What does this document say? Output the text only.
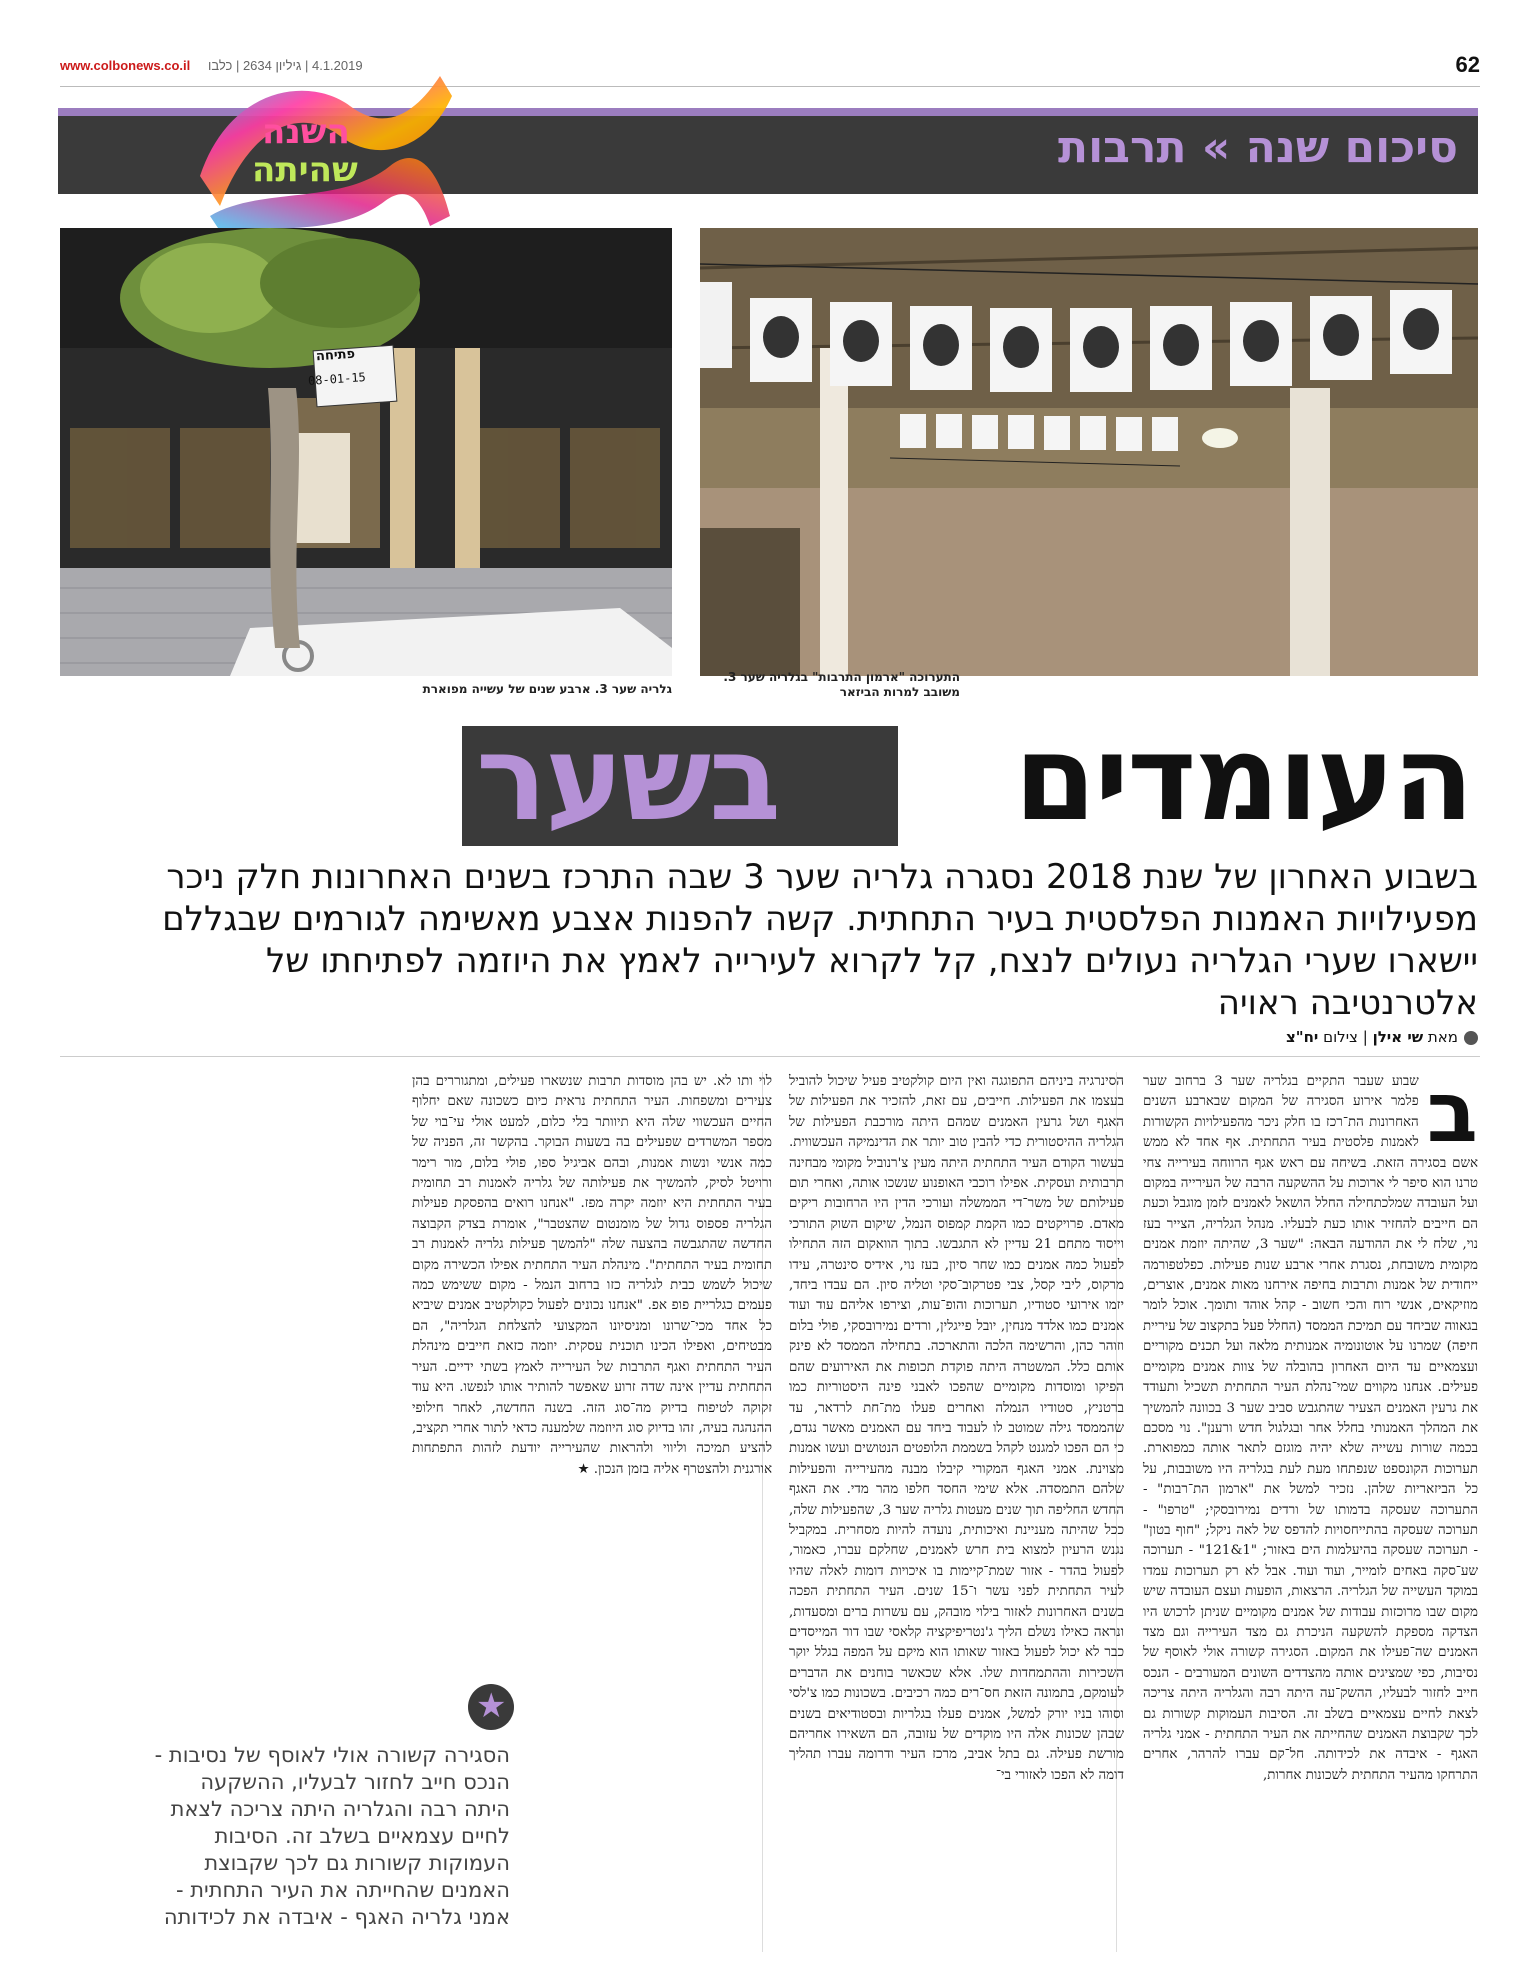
www.colbonews.co.il 4.1.2019 | גיליון 2634 | כלבו	62
סיכום שנה » תרבות
השנה
שהיתה
פתיחה
08-01-15
גלריה שער 3. ארבע שנים של עשייה מפוארת
התערוכה "ארמון התרבות" בגלריה שער 3. משובב למרות הביזאר
העומדים
בשער
בשבוע האחרון של שנת 2018 נסגרה גלריה שער 3 שבה התרכז בשנים האחרונות חלק ניכר מפעילויות האמנות הפלסטית בעיר התחתית. קשה להפנות אצבע מאשימה לגורמים שבגללם יישארו שערי הגלריה נעולים לנצח, קל לקרוא לעירייה לאמץ את היוזמה לפתיחתו של אלטרנטיבה ראויה
מאת שי אילן | צילום יח"צ
ב
שבוע שעבר התקיים בגלריה שער 3 ברחוב שער פלמר אירוע הסגירה של המקום שבארבע השנים האחרונות הת־רכז בו חלק ניכר מהפעילויות הקשורות לאמנות פלסטית בעיר התחתית. אף אחד לא ממש אשם בסגירה הזאת. בשיחה עם ראש אגף הרווחה בעירייה צחי טרנו הוא סיפר לי ארוכות על ההשקעה הרבה של העירייה במקום ועל העובדה שמלכתחילה החלל הושאל לאמנים לזמן מוגבל וכעת הם חייבים להחזיר אותו כעת לבעליו. מנהל הגלריה, הצייר בעז נוי, שלח לי את ההודעה הבאה: "שער 3, שהיתה יוזמת אמנים מקומית משובחת, נסגרת אחרי ארבע שנות פעילות. כפלטפורמה ייחודית של אמנות ותרבות בחיפה אירחנו מאות אמנים, אוצרים, מוזיקאים, אנשי רוח והכי חשוב - קהל אוהד ותומך. אוכל לומר בגאווה שביחד עם תמיכת הממסד (החלל פעל בתקצוב של עיריית חיפה) שמרנו על אוטונומיה אמנותית מלאה ועל תכנים מקוריים ועצמאיים עד היום האחרון בהובלה של צוות אמנים מקומיים פעילים. אנחנו מקווים שמי־נהלת העיר התחתית תשכיל ותעודד את גרעין האמנים הצעיר שהתגבש סביב שער 3 בכוונה להמשיך את המהלך האמנותי בחלל אחר ובגלגול חדש ורענן". נוי מסכם בכמה שורות עשייה שלא יהיה מוגזם לתאר אותה כמפוארת. תערוכות הקונספט שנפתחו מעת לעת בגלריה היו משובבות, על כל הביזאריות שלהן. נזכיר למשל את "ארמון הת־רבות" - התערוכה שעסקה בדמותו של ורדים נמירובסקי; "טרפו" - תערוכה שעסקה בהתייחסויות להדפס של לאה ניקל; "חוף בטון" - תערוכה שעסקה בהיעלמות הים באזור; "1&121" - תערוכה שע־סקה באחים לומייר, ועוד ועוד. אבל לא רק תערוכות עמדו במוקד העשייה של הגלריה. הרצאות, הופעות ועצם העובדה שיש מקום שבו מרוכזות עבודות של אמנים מקומיים שניתן לרכוש היו הצדקה מספקת להשקעה הניכרת גם מצד העירייה וגם מצד האמנים שה־פעילו את המקום. הסגירה קשורה אולי לאוסף של נסיבות, כפי שמציגים אותה מהצדדים השונים המעורבים - הנכס חייב לחזור לבעליו, ההשק־עה היתה רבה והגלריה היתה צריכה לצאת לחיים עצמאיים בשלב זה. הסיבות העמוקות קשורות גם לכך שקבוצת האמנים שהחייתה את העיר התחתית - אמני גלריה האגף - איבדה את לכידותה. חל־קם עברו להרהר, אחרים התרחקו מהעיר התחתית לשכונות אחרות,
הסינרגיה ביניהם התפוגגה ואין היום קולקטיב פעיל שיכול להוביל בעצמו את הפעילות. חייבים, עם זאת, להזכיר את הפעילות של האגף ושל גרעין האמנים שמהם היתה מורכבת הפעילות של הגלריה ההיסטורית כדי להבין טוב יותר את הדינמיקה העכשווית. בעשור הקודם העיר התחתית היתה מעין צ'רנוביל מקומי מבחינה תרבותית ועסקית. אפילו רוכבי האופנוע שנשכו אותה, ואחרי תום פעילותם של משר־די הממשלה ועורכי הדין היו הרחובות ריקים מאדם. פרויקטים כמו הקמת קמפוס הנמל, שיקום השוק התורכי וייסוד מתחם 21 עדיין לא התגבשו. בתוך הוואקום הזה התחילו לפעול כמה אמנים כמו שחר סיון, בעז נוי, אידיס סינטרה, עידו מרקוס, ליבי קסל, צבי פטרקוב־סקי וטליה סיון. הם עבדו ביחד, יזמו אירועי סטודיו, תערוכות והופ־עות, וצירפו אליהם עוד ועוד אמנים כמו אלדד מנחין, יובל פייגלין, ורדים נמירובסקי, פולי בלום וזוהר כהן, והרשימה הלכה והתארכה. בתחילה הממסד לא פינק אותם כלל. המשטרה היתה פוקדת תכופות את האירועים שהם הפיקו ומוסדות מקומיים שהפכו לאבני פינה היסטוריות כמו ברטניץ, סטודיו הנמלה ואחרים פעלו מת־חת לרדאר, עד שהממסד גילה שמוטב לו לעבוד ביחד עם האמנים מאשר נגדם, כי הם הפכו למגנט לקהל בשממת הלופטים הנטושים ועשו אמנות מצוינת. אמני האגף המקורי קיבלו מבנה מהעירייה והפעילות שלהם התמסדה. אלא שימי החסד חלפו מהר מדי. את האגף החדש החליפה תוך שנים מעטות גלריה שער 3, שהפעילות שלה, ככל שהיתה מעניינת ואיכותית, נועדה להיות מסחרית. במקביל נגנש הרעיון למצוא בית חרש לאמנים, שחלקם עברו, כאמור, לפעול בהדר - אזור שמת־קיימות בו איכויות דומות לאלה שהיו לעיר התחתית לפני עשר ו־15 שנים. העיר התחתית הפכה בשנים האחרונות לאזור בילוי מובהק, עם עשרות ברים ומסעדות, ונראה כאילו נשלם הליך ג'נטריפיקציה קלאסי שבו דור המייסדים כבר לא יכול לפעול באזור שאותו הוא מיקם על המפה בגלל יוקר השכירות וההתמחדות שלו. אלא שכאשר בוחנים את הדברים לעומקם, בתמונה הזאת חס־רים כמה רכיבים. בשכונות כמו צ'לסי וסוהו בניו יורק למשל, אמנים פעלו בגלריות ובסטודיאים בשנים שבהן שכונות אלה היו מוקדים של עזובה, הם השאירו אחריהם מורשת פעילה. גם בתל אביב, מרכז העיר ודרומה עברו תהליך דומה לא הפכו לאזורי בי־
לוי ותו לא. יש בהן מוסדות תרבות שנשארו פעילים, ומתגוררים בהן צעירים ומשפחות. העיר התחתית נראית כיום כשכונה שאם יחלוף החיים העכשווי שלה היא תיוותר בלי כלום, למעט אולי עי־בוי של מספר המשרדים שפעילים בה בשעות הבוקר. בהקשר זה, הפניה של כמה אנשי ונשות אמנות, ובהם אביגיל ספו, פולי בלום, מור רימר ורויטל לסיק, להמשיך את פעילותה של גלריה לאמנות רב תחומית בעיר התחתית היא יוזמה יקרה מפז. "אנחנו רואים בהפסקת פעילות הגלריה פספוס גדול של מומנטום שהצטבר", אומרת בצדק הקבוצה החדשה שהתגבשה בהצעה שלה "להמשך פעילות גלריה לאמנות רב תחומית בעיר התחתית". מינהלת העיר התחתית אפילו הכשירה מקום שיכול לשמש כבית לגלריה כזו ברחוב הנמל - מקום ששימש כמה פעמים כגלריית פופ אפ. "אנחנו נכונים לפעול כקולקטיב אמנים שיביא כל אחד מכי־שרונו ומניסיונו המקצועי להצלחת הגלריה", הם מבטיחים, ואפילו הכינו תוכנית עסקית. יוזמה כזאת חייבים מינהלת העיר התחתית ואגף התרבות של העירייה לאמץ בשתי ידיים. העיר התחתית עדיין אינה שדה זרוע שאפשר להותיר אותו לנפשו. היא עוד זקוקה לטיפוח בדיוק מה־סוג הזה. בשנה החדשה, לאחר חילופי ההנהגה בעיה, זהו בדיוק סוג היוזמה שלמענה כדאי לתור אחרי תקציב, להציע תמיכה וליווי ולהראות שהעירייה יודעת לזהות התפתחות אורגנית ולהצטרף אליה בזמן הנכון. ★
★
הסגירה קשורה אולי לאוסף של נסיבות - הנכס חייב לחזור לבעליו, ההשקעה היתה רבה והגלריה היתה צריכה לצאת לחיים עצמאיים בשלב זה. הסיבות העמוקות קשורות גם לכך שקבוצת האמנים שהחייתה את העיר התחתית - אמני גלריה האגף - איבדה את לכידותה
